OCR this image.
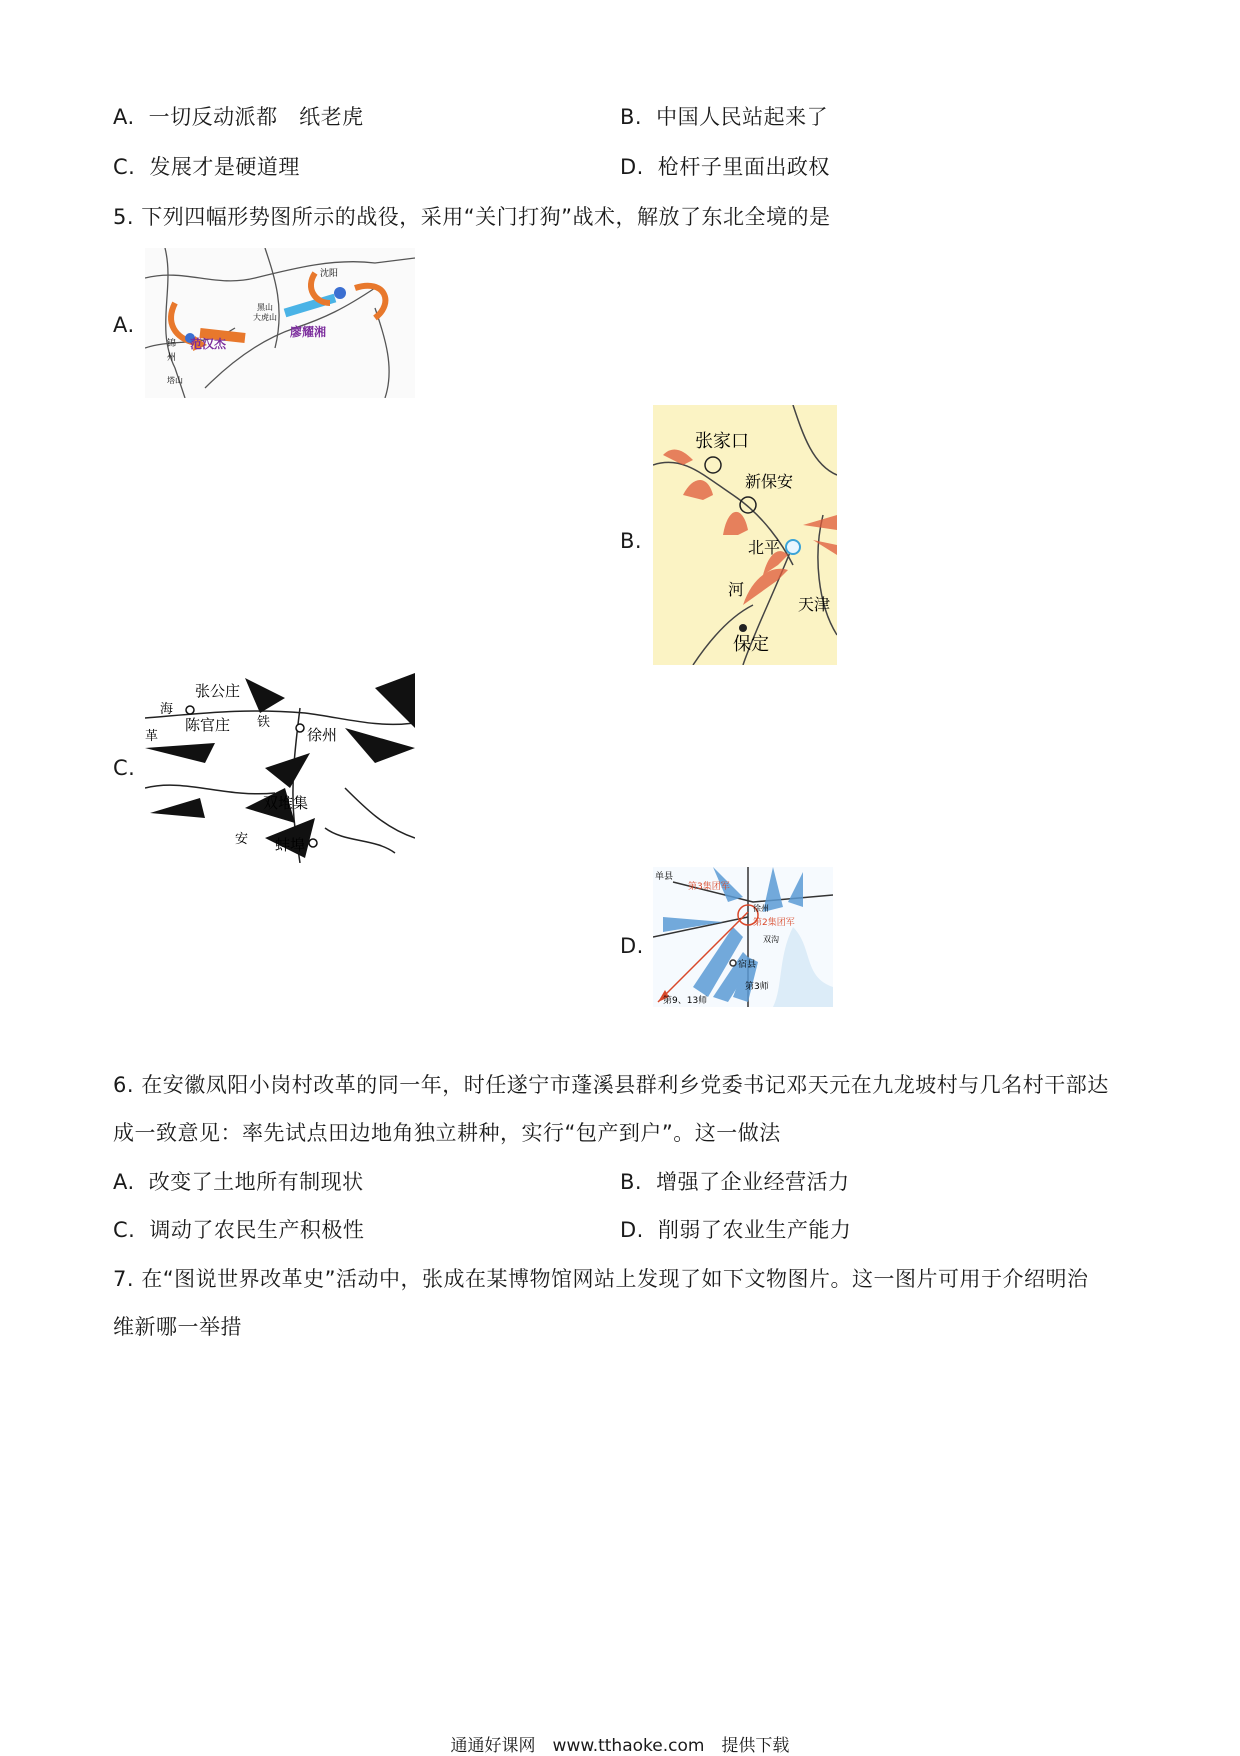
A. 一切反动派都　纸老虎	B. 中国人民站起来了
C. 发展才是硬道理	D. 枪杆子里面出政权
5. 下列四幅形势图所示的战役，采用“关门打狗”战术，解放了东北全境的是
A.
沈阳
黑山
大虎山
锦
州
塔山
范汉杰
廖耀湘
B.
张家口
新保安
北平
河
天津
保定
C.
张公庄
陈官庄
徐州
双堆集
蚌埠
海
铁
安
革
D.
单县
第3集团军
第2集团军
第3师
第9、13师
宿县
双沟
徐州
6. 在安徽凤阳小岗村改革的同一年，时任遂宁市蓬溪县群利乡党委书记邓天元在九龙坡村与几名村干部达
成一致意见：率先试点田边地角独立耕种，实行“包产到户”。这一做法
A. 改变了土地所有制现状	B. 增强了企业经营活力
C. 调动了农民生产积极性	D. 削弱了农业生产能力
7. 在“图说世界改革史”活动中，张成在某博物馆网站上发现了如下文物图片。这一图片可用于介绍明治
维新哪一举措
通通好课网　www.tthaoke.com　提供下载
